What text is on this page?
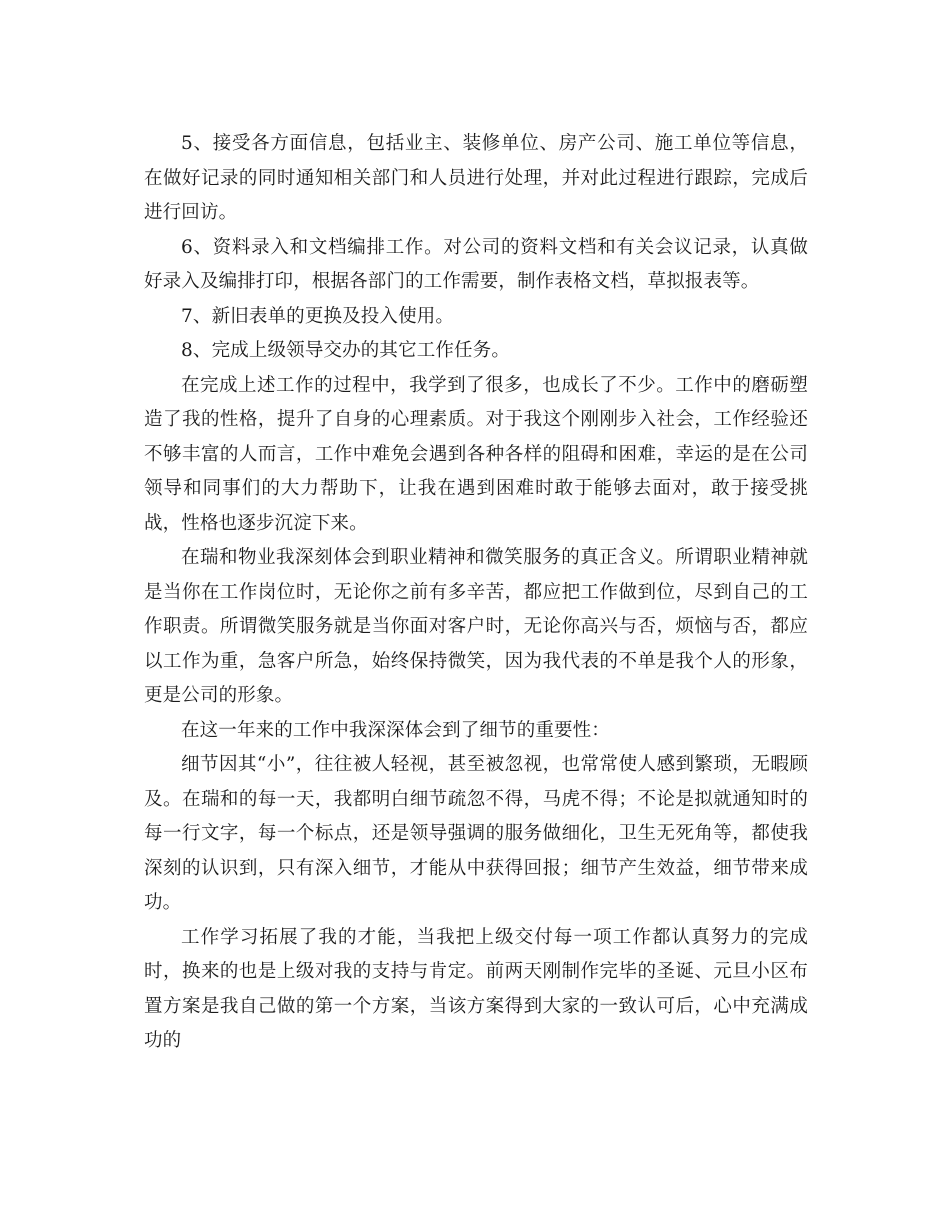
5、接受各方面信息，包括业主、装修单位、房产公司、施工单位等信息，在做好记录的同时通知相关部门和人员进行处理，并对此过程进行跟踪，完成后进行回访。

6、资料录入和文档编排工作。对公司的资料文档和有关会议记录，认真做好录入及编排打印，根据各部门的工作需要，制作表格文档，草拟报表等。

7、新旧表单的更换及投入使用。

8、完成上级领导交办的其它工作任务。

在完成上述工作的过程中，我学到了很多，也成长了不少。工作中的磨砺塑造了我的性格，提升了自身的心理素质。对于我这个刚刚步入社会，工作经验还不够丰富的人而言，工作中难免会遇到各种各样的阻碍和困难，幸运的是在公司领导和同事们的大力帮助下，让我在遇到困难时敢于能够去面对，敢于接受挑战，性格也逐步沉淀下来。

在瑞和物业我深刻体会到职业精神和微笑服务的真正含义。所谓职业精神就是当你在工作岗位时，无论你之前有多辛苦，都应把工作做到位，尽到自己的工作职责。所谓微笑服务就是当你面对客户时，无论你高兴与否，烦恼与否，都应以工作为重，急客户所急，始终保持微笑，因为我代表的不单是我个人的形象，更是公司的形象。

在这一年来的工作中我深深体会到了细节的重要性：

细节因其“小”，往往被人轻视，甚至被忽视，也常常使人感到繁琐，无暇顾及。在瑞和的每一天，我都明白细节疏忽不得，马虎不得；不论是拟就通知时的每一行文字，每一个标点，还是领导强调的服务做细化，卫生无死角等，都使我深刻的认识到，只有深入细节，才能从中获得回报；细节产生效益，细节带来成功。

工作学习拓展了我的才能，当我把上级交付每一项工作都认真努力的完成时，换来的也是上级对我的支持与肯定。前两天刚制作完毕的圣诞、元旦小区布置方案是我自己做的第一个方案，当该方案得到大家的一致认可后，心中充满成功的
